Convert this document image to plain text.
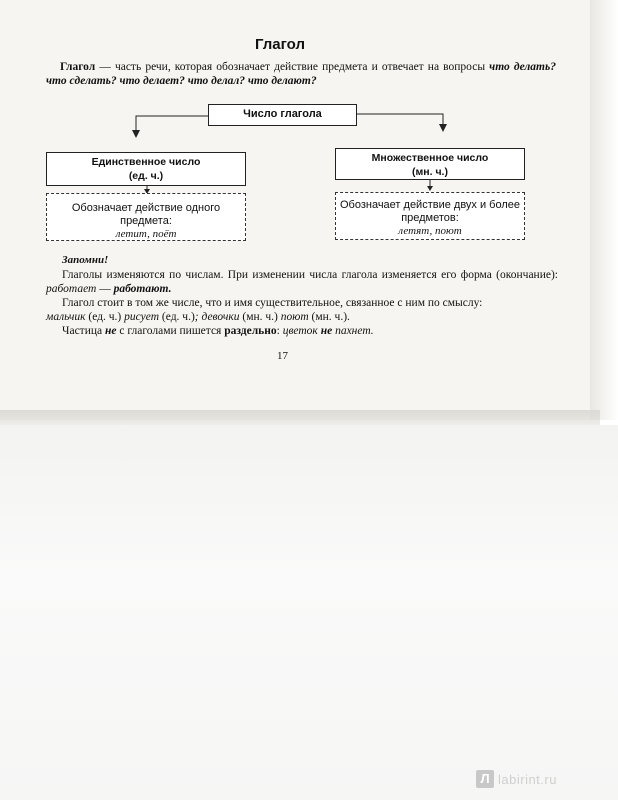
Глагол
Глагол — часть речи, которая обозначает действие предмета и отвечает на вопросы что делать? что сделать? что делает? что делал? что делают?
Число глагола
Единственное число
(ед. ч.)
Множественное число
(мн. ч.)
Обозначает действие одного предмета:
летит, поёт
Обозначает действие двух и более предметов:
летят, поют
Запомни!

Глаголы изменяются по числам. При изменении числа глагола изменяется его форма (окончание): работает — работают.

Глагол стоит в том же числе, что и имя существительное, связанное с ним по смыслу:

мальчик (ед. ч.) рисует (ед. ч.); девочки (мн. ч.) поют (мн. ч.).

Частица не с глаголами пишется раздельно: цветок не пахнет.

17
Л labirint.ru
